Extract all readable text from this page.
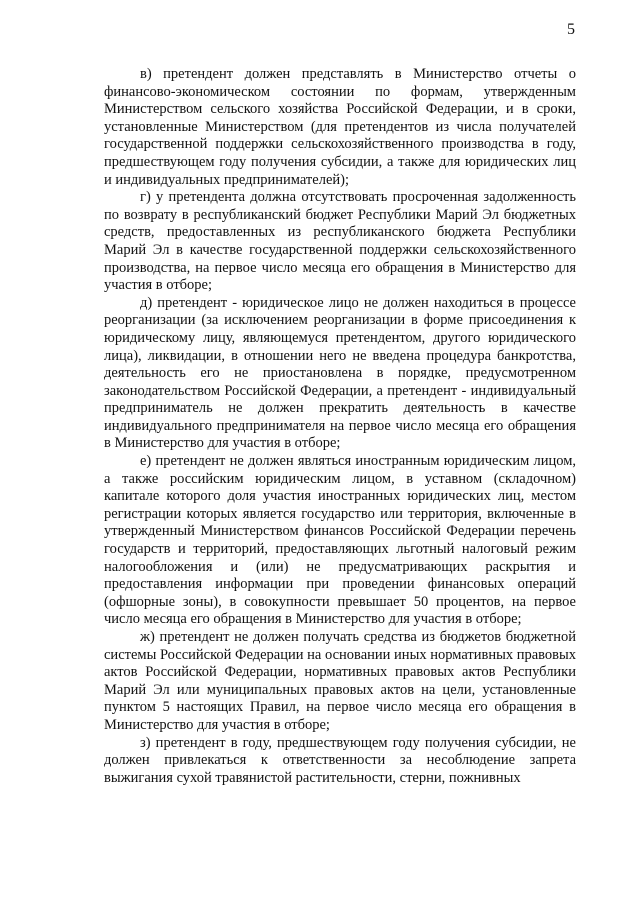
5

в) претендент должен представлять в Министерство отчеты о финансово-экономическом состоянии по формам, утвержденным Министерством сельского хозяйства Российской Федерации, и в сроки, установленные Министерством (для претендентов из числа получателей государственной поддержки сельскохозяйственного производства в году, предшествующем году получения субсидии, а также для юридических лиц и индивидуальных предпринимателей);

г) у претендента должна отсутствовать просроченная задолженность по возврату в республиканский бюджет Республики Марий Эл бюджетных средств, предоставленных из республиканского бюджета Республики Марий Эл в качестве государственной поддержки сельскохозяйственного производства, на первое число месяца его обращения в Министерство для участия в отборе;

д) претендент - юридическое лицо не должен находиться в процессе реорганизации (за исключением реорганизации в форме присоединения к юридическому лицу, являющемуся претендентом, другого юридического лица), ликвидации, в отношении него не введена процедура банкротства, деятельность его не приостановлена в порядке, предусмотренном законодательством Российской Федерации, а претендент - индивидуальный предприниматель не должен прекратить деятельность в качестве индивидуального предпринимателя на первое число месяца его обращения в Министерство для участия в отборе;

е) претендент не должен являться иностранным юридическим лицом, а также российским юридическим лицом, в уставном (складочном) капитале которого доля участия иностранных юридических лиц, местом регистрации которых является государство или территория, включенные в утвержденный Министерством финансов Российской Федерации перечень государств и территорий, предоставляющих льготный налоговый режим налогообложения и (или) не предусматривающих раскрытия и предоставления информации при проведении финансовых операций (офшорные зоны), в совокупности превышает 50 процентов, на первое число месяца его обращения в Министерство для участия в отборе;

ж) претендент не должен получать средства из бюджетов бюджетной системы Российской Федерации на основании иных нормативных правовых актов Российской Федерации, нормативных правовых актов Республики Марий Эл или муниципальных правовых актов на цели, установленные пунктом 5 настоящих Правил, на первое число месяца его обращения в Министерство для участия в отборе;

з) претендент в году, предшествующем году получения субсидии, не должен привлекаться к ответственности за несоблюдение запрета выжигания сухой травянистой растительности, стерни, пожнивных
